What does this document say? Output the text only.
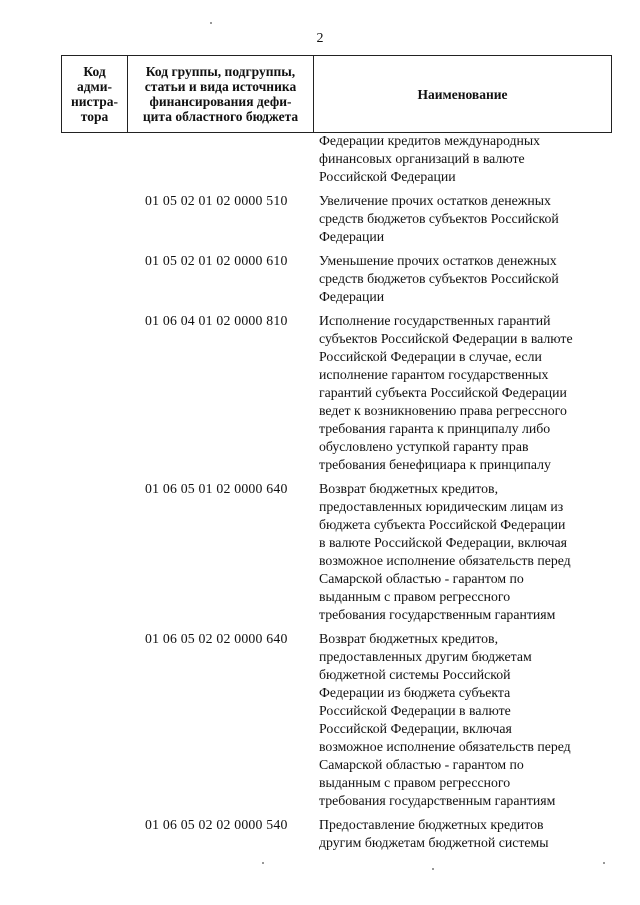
2
Код
адми-
нистра-
тора	Код группы, подгруппы,
статьи и вида источника
финансирования дефи-
цита областного бюджета	Наименование
Федерации кредитов международных
финансовых организаций в валюте
Российской Федерации
01 05 02 01 02 0000 510 Увеличение прочих остатков денежных
средств бюджетов субъектов Российской
Федерации
01 05 02 01 02 0000 610 Уменьшение прочих остатков денежных
средств бюджетов субъектов Российской
Федерации
01 06 04 01 02 0000 810 Исполнение государственных гарантий
субъектов Российской Федерации в валюте
Российской Федерации в случае, если
исполнение гарантом государственных
гарантий субъекта Российской Федерации
ведет к возникновению права регрессного
требования гаранта к принципалу либо
обусловлено уступкой гаранту прав
требования бенефициара к принципалу
01 06 05 01 02 0000 640 Возврат бюджетных кредитов,
предоставленных юридическим лицам из
бюджета субъекта Российской Федерации
в валюте Российской Федерации, включая
возможное исполнение обязательств перед
Самарской областью - гарантом по
выданным с правом регрессного
требования государственным гарантиям
01 06 05 02 02 0000 640 Возврат бюджетных кредитов,
предоставленных другим бюджетам
бюджетной системы Российской
Федерации из бюджета субъекта
Российской Федерации в валюте
Российской Федерации, включая
возможное исполнение обязательств перед
Самарской областью - гарантом по
выданным с правом регрессного
требования государственным гарантиям
01 06 05 02 02 0000 540 Предоставление бюджетных кредитов
другим бюджетам бюджетной системы
